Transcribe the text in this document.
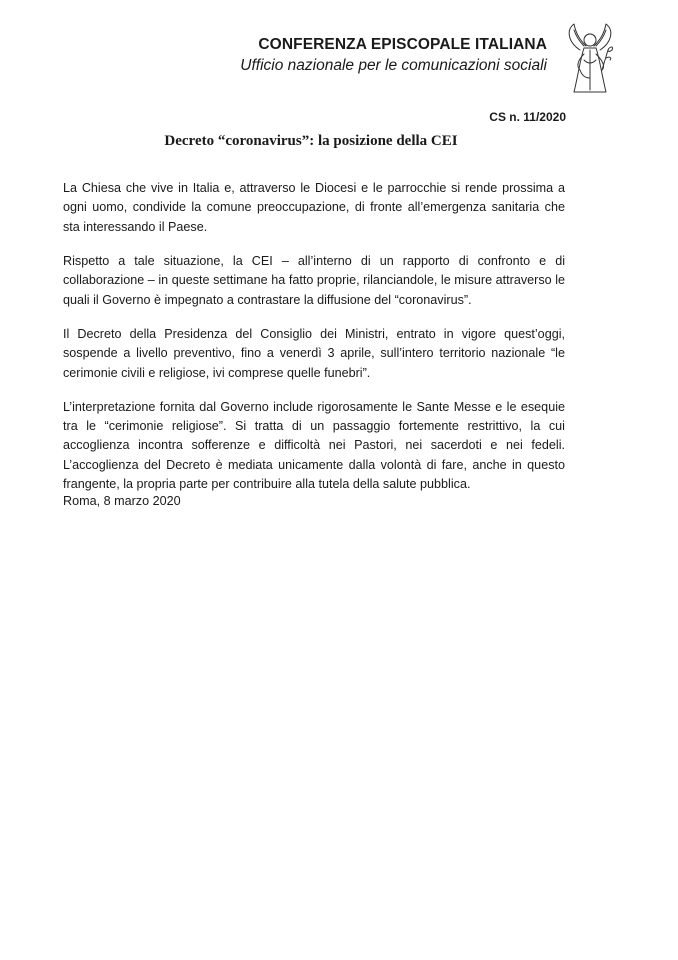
CONFERENZA EPISCOPALE ITALIANA
Ufficio nazionale per le comunicazioni sociali
CS n. 11/2020
Decreto “coronavirus”: la posizione della CEI

La Chiesa che vive in Italia e, attraverso le Diocesi e le parrocchie si rende prossima a ogni uomo, condivide la comune preoccupazione, di fronte all’emergenza sanitaria che sta interessando il Paese.

Rispetto a tale situazione, la CEI – all’interno di un rapporto di confronto e di collaborazione – in queste settimane ha fatto proprie, rilanciandole, le misure attraverso le quali il Governo è impegnato a contrastare la diffusione del “coronavirus”.

Il Decreto della Presidenza del Consiglio dei Ministri, entrato in vigore quest’oggi, sospende a livello preventivo, fino a venerdì 3 aprile, sull’intero territorio nazionale “le cerimonie civili e religiose, ivi comprese quelle funebri”.

L’interpretazione fornita dal Governo include rigorosamente le Sante Messe e le esequie tra le “cerimonie religiose”. Si tratta di un passaggio fortemente restrittivo, la cui accoglienza incontra sofferenze e difficoltà nei Pastori, nei sacerdoti e nei fedeli. L’accoglienza del Decreto è mediata unicamente dalla volontà di fare, anche in questo frangente, la propria parte per contribuire alla tutela della salute pubblica.

Roma, 8 marzo 2020
